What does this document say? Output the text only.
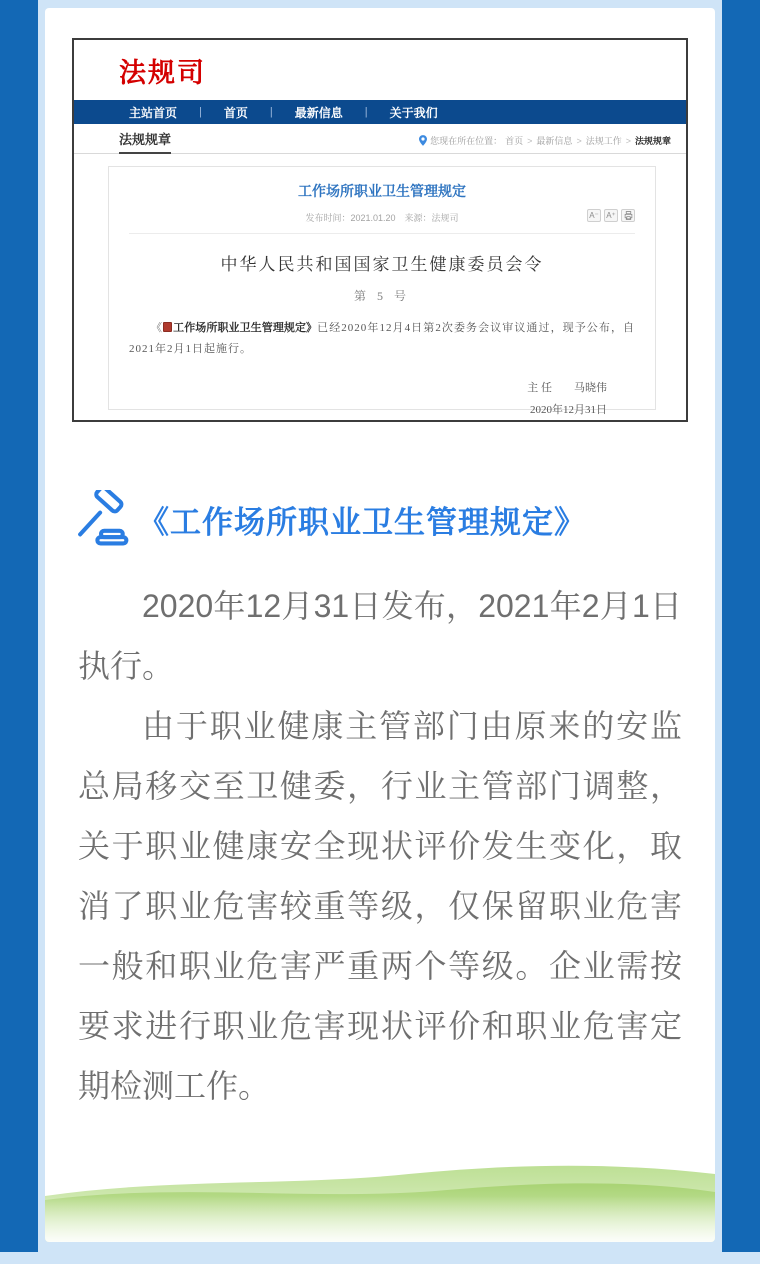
法规司
主站首页 | 首页 | 最新信息 | 关于我们
法规规章	您现在所在位置： 首页 > 最新信息 > 法规工作 > 法规规章
工作场所职业卫生管理规定
发布时间：2021.01.20　来源：法规司	A⁻ A⁺
中华人民共和国国家卫生健康委员会令
第 5 号
《 工作场所职业卫生管理规定》已经2020年12月4日第2次委务会议审议通过，现予公布，自2021年2月1日起施行。
主 任 马晓伟
2020年12月31日
《工作场所职业卫生管理规定》

2020年12月31日发布，2021年2月1日执行。

由于职业健康主管部门由原来的安监总局移交至卫健委，行业主管部门调整，关于职业健康安全现状评价发生变化，取消了职业危害较重等级，仅保留职业危害一般和职业危害严重两个等级。企业需按要求进行职业危害现状评价和职业危害定期检测工作。
